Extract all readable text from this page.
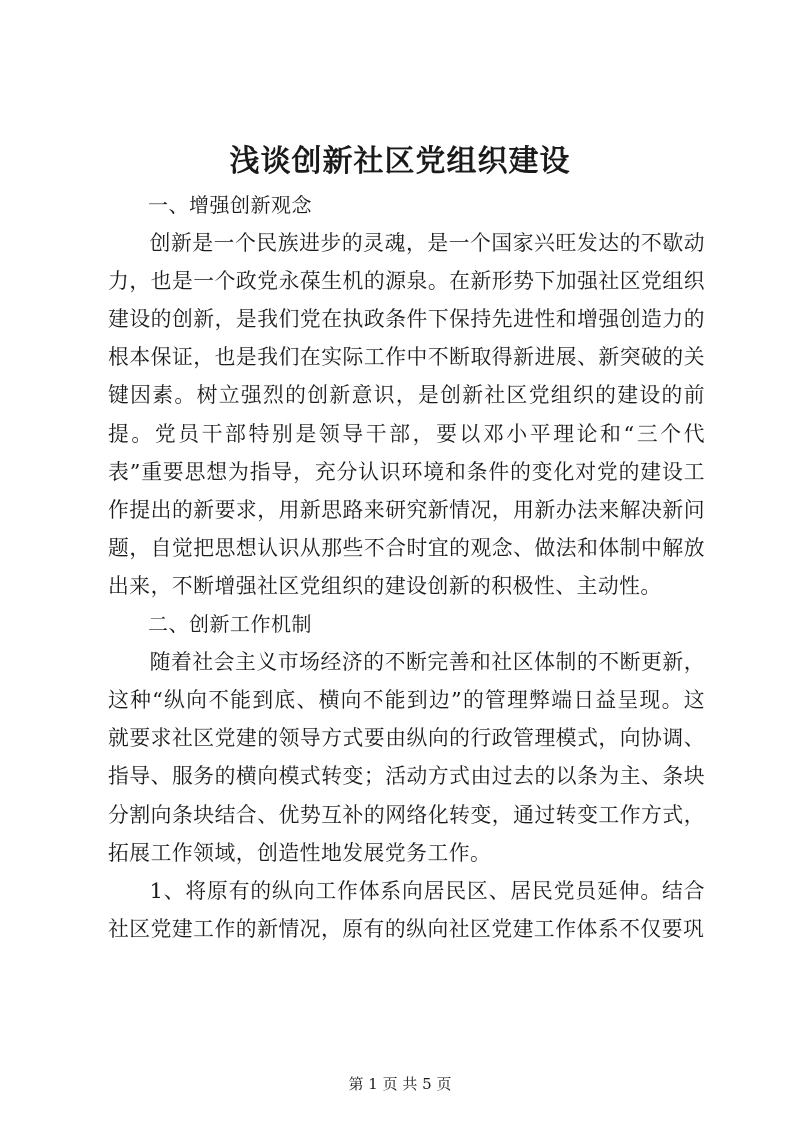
浅谈创新社区党组织建设

一、增强创新观念

创新是一个民族进步的灵魂，是一个国家兴旺发达的不歇动力，也是一个政党永葆生机的源泉。在新形势下加强社区党组织建设的创新，是我们党在执政条件下保持先进性和增强创造力的根本保证，也是我们在实际工作中不断取得新进展、新突破的关键因素。树立强烈的创新意识，是创新社区党组织的建设的前提。党员干部特别是领导干部，要以邓小平理论和“三个代表”重要思想为指导，充分认识环境和条件的变化对党的建设工作提出的新要求，用新思路来研究新情况，用新办法来解决新问题，自觉把思想认识从那些不合时宜的观念、做法和体制中解放出来，不断增强社区党组织的建设创新的积极性、主动性。

二、创新工作机制

随着社会主义市场经济的不断完善和社区体制的不断更新，这种“纵向不能到底、横向不能到边”的管理弊端日益呈现。这就要求社区党建的领导方式要由纵向的行政管理模式，向协调、指导、服务的横向模式转变；活动方式由过去的以条为主、条块分割向条块结合、优势互补的网络化转变，通过转变工作方式，拓展工作领域，创造性地发展党务工作。

1、将原有的纵向工作体系向居民区、居民党员延伸。结合社区党建工作的新情况，原有的纵向社区党建工作体系不仅要巩

第 1 页 共 5 页
